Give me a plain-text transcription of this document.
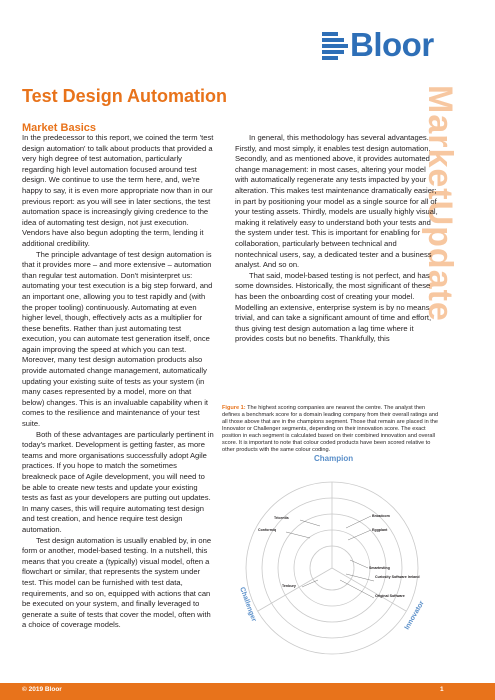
Bloor
MarketUpdate
Test Design Automation
Market Basics

In the predecessor to this report, we coined the term 'test design automation' to talk about products that provided a very high degree of test automation, particularly regarding high level automation focused around test design. We continue to use the term here, and, we're happy to say, it is even more appropriate now than in our previous report: as you will see in later sections, the test automation space is increasingly giving credence to the idea of automating test design, not just execution. Vendors have also begun adopting the term, lending it additional credibility.

The principle advantage of test design automation is that it provides more – and more extensive – automation than regular test automation. Don't misinterpret us: automating your test execution is a big step forward, and an important one, allowing you to test rapidly and (with the proper tooling) continuously. Automating at even higher level, though, effectively acts as a multiplier for these benefits. Rather than just automating test execution, you can automate test generation itself, once again improving the speed at which you can test. Moreover, many test design automation products also provide automated change management, automatically updating your existing suite of tests as your system (in many cases represented by a model, more on that below) changes. This is an invaluable capability when it comes to the resilience and maintenance of your test suite.

Both of these advantages are particularly pertinent in today's market. Development is getting faster, as more teams and more organisations successfully adopt Agile practices. If you hope to match the sometimes breakneck pace of Agile development, you will need to be able to create new tests and update your existing tests as fast as your developers are putting out updates. In many cases, this will require automating test design and test creation, and hence require test design automation.

Test design automation is usually enabled by, in one form or another, model-based testing. In a nutshell, this means that you create a (typically) visual model, often a flowchart or similar, that represents the system under test. This model can be furnished with test data, requirements, and so on, equipped with actions that can be executed on your system, and finally leveraged to generate a suite of tests that cover the model, often with a choice of coverage models.

In general, this methodology has several advantages. Firstly, and most simply, it enables test design automation. Secondly, and as mentioned above, it provides automated change management: in most cases, altering your model with automatically regenerate any tests impacted by your alteration. This makes test maintenance dramatically easier; in part by positioning your model as a single source for all of your testing assets. Thirdly, models are usually highly visual, making it relatively easy to understand both your tests and the system under test. This is important for enabling for collaboration, particularly between technical and nontechnical users, say, a dedicated tester and a business analyst. And so on.

That said, model-based testing is not perfect, and has some downsides. Historically, the most significant of these has been the onboarding cost of creating your model. Modelling an extensive, enterprise system is by no means trivial, and can take a significant amount of time and effort, thus giving test design automation a lag time where it provides costs but no benefits. Thankfully, this

Figure 1: The highest scoring companies are nearest the centre. The analyst then defines a benchmark score for a domain leading company from their overall ratings and all those above that are in the champions segment. Those that remain are placed in the Innovator or Challenger segments, depending on their innovation score. The exact position in each segment is calculated based on their combined innovation and overall score. It is important to note that colour coded products have been scored relative to other products with the same colour coding.
Champion
Challenger	Innovator
Tricentis
Conformiq
Broadcom
Eggplant
Smartesting
Curiosity Software Ireland
Original Software
Tenbury
© 2019 Bloor	1
